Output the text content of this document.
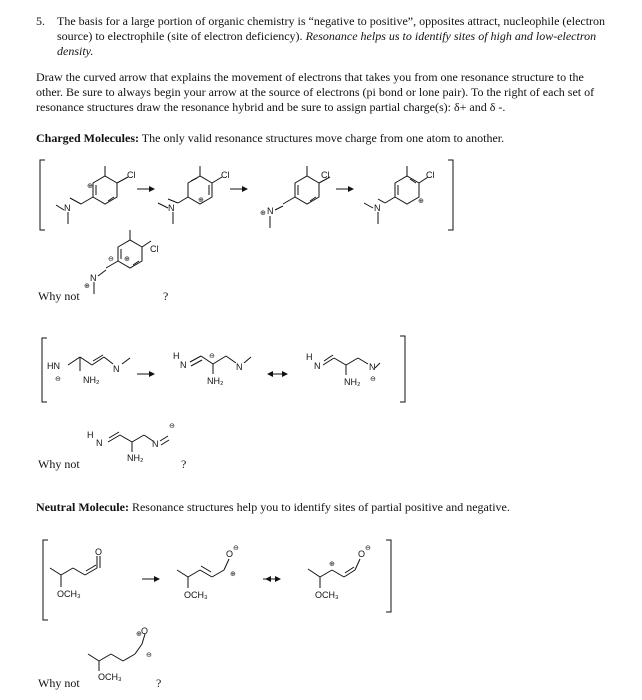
5. The basis for a large portion of organic chemistry is “negative to positive”, opposites attract, nucleophile (electron source) to electrophile (site of electron deficiency). Resonance helps us to identify sites of high and low-electron density.
Draw the curved arrow that explains the movement of electrons that takes you from one resonance structure to the other. Be sure to always begin your arrow at the source of electrons (pi bond or lone pair). To the right of each set of resonance structures draw the resonance hybrid and be sure to assign partial charge(s): δ+ and δ -.
Charged Molecules: The only valid resonance structures move charge from one atom to another.
Why not	?
Why not	?
Neutral Molecule: Resonance structures help you to identify sites of partial positive and negative.
Why not	?
Cl
N
⊕
Cl
N
⊕
Cl
N
⊕
Cl
N
⊕
Cl
N
⊕
⊖
⊕
HN
⊖
N
NH₂
H
N	N
⊖
NH₂
H
N	N
⊖
NH₂
H
N	N
⊖
NH₂
O
OCH₃
O
⊖
⊕
OCH₃
O
⊖
⊕
OCH₃
O
⊕
⊖
OCH₃
